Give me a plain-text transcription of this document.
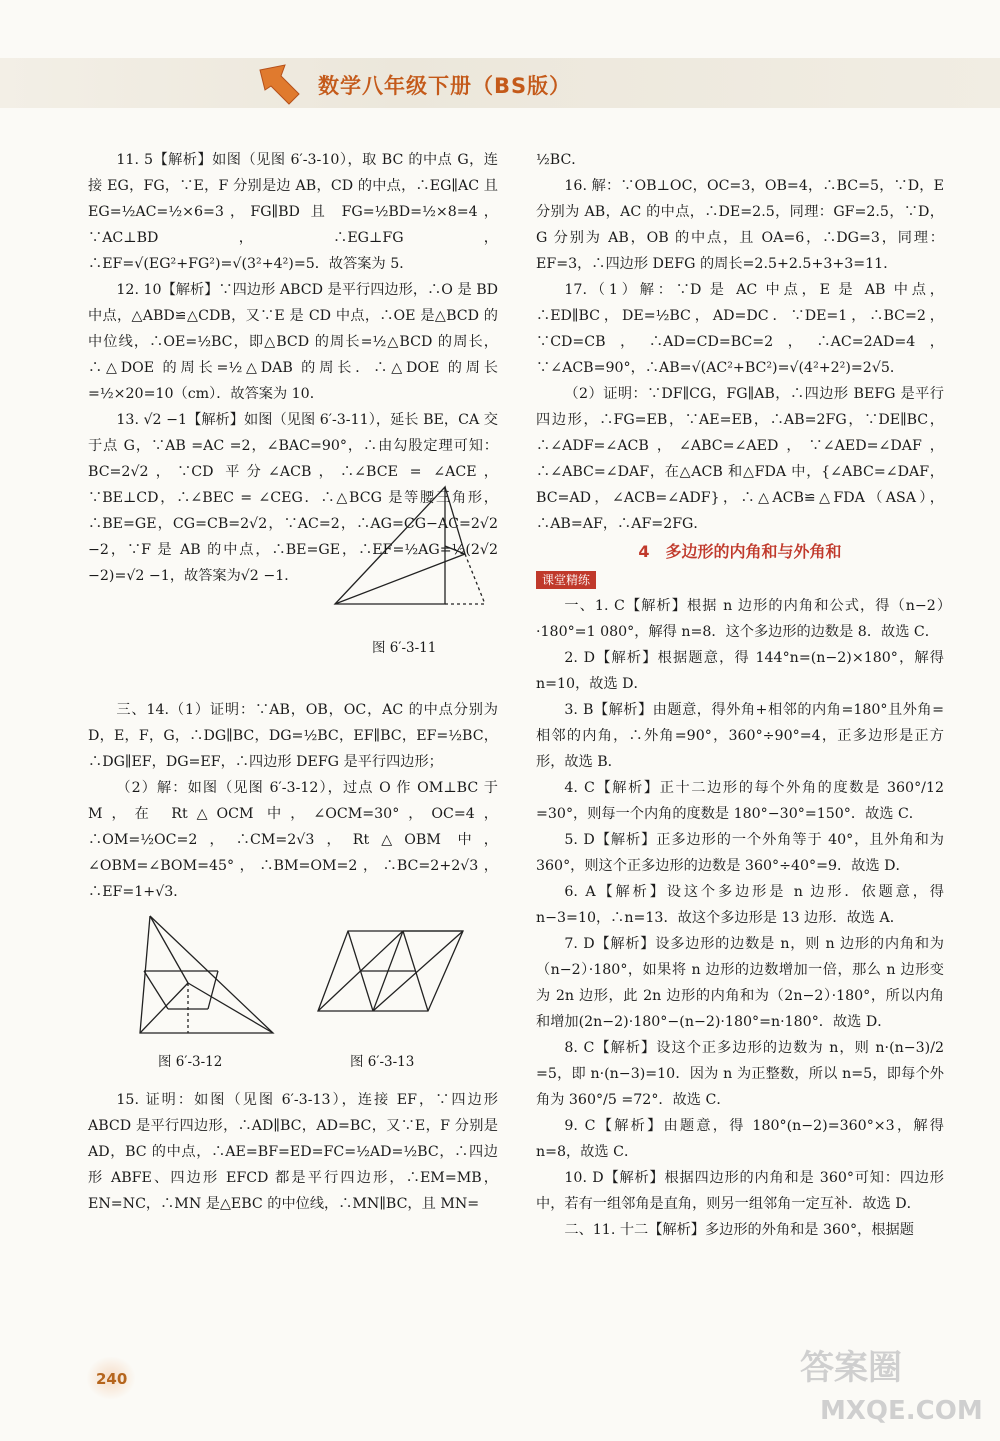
数学八年级下册（BS版）

11. 5【解析】如图（见图 6′-3-10），取 BC 的中点 G，连接 EG，FG，∵E，F 分别是边 AB，CD 的中点，∴EG∥AC 且 EG=½AC=½×6=3，FG∥BD 且 FG=½BD=½×8=4，∵AC⊥BD，∴EG⊥FG，∴EF=√(EG²+FG²)=√(3²+4²)=5．故答案为 5．

12. 10【解析】∵四边形 ABCD 是平行四边形，∴O 是 BD 中点，△ABD≌△CDB，又∵E 是 CD 中点，∴OE 是△BCD 的中位线，∴OE=½BC，即△BCD 的周长=½△BCD 的周长，∴△DOE 的周长=½△DAB 的周长．∴△DOE 的周长=½×20=10（cm）．故答案为 10．

13. √2 −1【解析】如图（见图 6′-3-11），延长 BE，CA 交于点 G，∵AB =AC =2，∠BAC=90°，∴由勾股定理可知：BC=2√2，∵CD 平分∠ACB，∴∠BCE = ∠ACE，∵BE⊥CD，∴∠BEC = ∠CEG．∴△BCG 是等腰三角形，∴BE=GE，CG=CB=2√2，∵AC=2，∴AG=CG−AC=2√2 −2，∵F 是 AB 的中点，∴BE=GE，∴EF=½AG=½(2√2 −2)=√2 −1，故答案为√2 −1．

三、14.（1）证明：∵AB，OB，OC，AC 的中点分别为 D，E，F，G，∴DG∥BC，DG=½BC，EF∥BC，EF=½BC，∴DG∥EF，DG=EF，∴四边形 DEFG 是平行四边形；

（2）解：如图（见图 6′-3-12），过点 O 作 OM⊥BC 于 M，在 Rt△OCM 中，∠OCM=30°，OC=4，∴OM=½OC=2，∴CM=2√3，Rt△OBM 中，∠OBM=∠BOM=45°，∴BM=OM=2，∴BC=2+2√3，∴EF=1+√3．

图 6′-3-12	图 6′-3-13

15. 证明：如图（见图 6′-3-13），连接 EF，∵四边形 ABCD 是平行四边形，∴AD∥BC，AD=BC，又∵E，F 分别是 AD，BC 的中点，∴AE=BF=ED=FC=½AD=½BC，∴四边形 ABFE、四边形 EFCD 都是平行四边形，∴EM=MB，EN=NC，∴MN 是△EBC 的中位线，∴MN∥BC，且 MN=

图 6′-3-11

½BC．

16. 解：∵OB⊥OC，OC=3，OB=4，∴BC=5，∵D，E 分别为 AB，AC 的中点，∴DE=2.5，同理：GF=2.5，∵D，G 分别为 AB，OB 的中点，且 OA=6，∴DG=3，同理：EF=3，∴四边形 DEFG 的周长=2.5+2.5+3+3=11．

17.（1）解：∵D 是 AC 中点，E 是 AB 中点，∴ED∥BC，DE=½BC，AD=DC．∵DE=1，∴BC=2，∵CD=CB，∴AD=CD=BC=2，∴AC=2AD=4，∵∠ACB=90°，∴AB=√(AC²+BC²)=√(4²+2²)=2√5．

（2）证明：∵DF∥CG，FG∥AB，∴四边形 BEFG 是平行四边形，∴FG=EB，∵AE=EB，∴AB=2FG，∵DE∥BC，∴∠ADF=∠ACB，∠ABC=∠AED，∵∠AED=∠DAF，∴∠ABC=∠DAF，在△ACB 和△FDA 中，{∠ABC=∠DAF，BC=AD，∠ACB=∠ADF}，∴△ACB≌△FDA（ASA），∴AB=AF，∴AF=2FG．

4　多边形的内角和与外角和
课堂精练

一、1. C【解析】根据 n 边形的内角和公式，得（n−2）·180°=1 080°，解得 n=8．这个多边形的边数是 8．故选 C．

2. D【解析】根据题意，得 144°n=(n−2)×180°，解得 n=10，故选 D．

3. B【解析】由题意，得外角+相邻的内角=180°且外角=相邻的内角，∴外角=90°，360°÷90°=4，正多边形是正方形，故选 B．

4. C【解析】正十二边形的每个外角的度数是 360°/12 =30°，则每一个内角的度数是 180°−30°=150°．故选 C．

5. D【解析】正多边形的一个外角等于 40°，且外角和为 360°，则这个正多边形的边数是 360°÷40°=9．故选 D．

6. A【解析】设这个多边形是 n 边形．依题意，得 n−3=10，∴n=13．故这个多边形是 13 边形．故选 A．

7. D【解析】设多边形的边数是 n，则 n 边形的内角和为（n−2）·180°，如果将 n 边形的边数增加一倍，那么 n 边形变为 2n 边形，此 2n 边形的内角和为（2n−2）·180°，所以内角和增加(2n−2)·180°−(n−2)·180°=n·180°．故选 D．

8. C【解析】设这个正多边形的边数为 n，则 n·(n−3)/2 =5，即 n·(n−3)=10．因为 n 为正整数，所以 n=5，即每个外角为 360°/5 =72°．故选 C．

9. C【解析】由题意，得 180°(n−2)=360°×3，解得 n=8，故选 C．

10. D【解析】根据四边形的内角和是 360°可知：四边形中，若有一组邻角是直角，则另一组邻角一定互补．故选 D．

二、11. 十二【解析】多边形的外角和是 360°，根据题

240	答案圈
MXQE.COM
